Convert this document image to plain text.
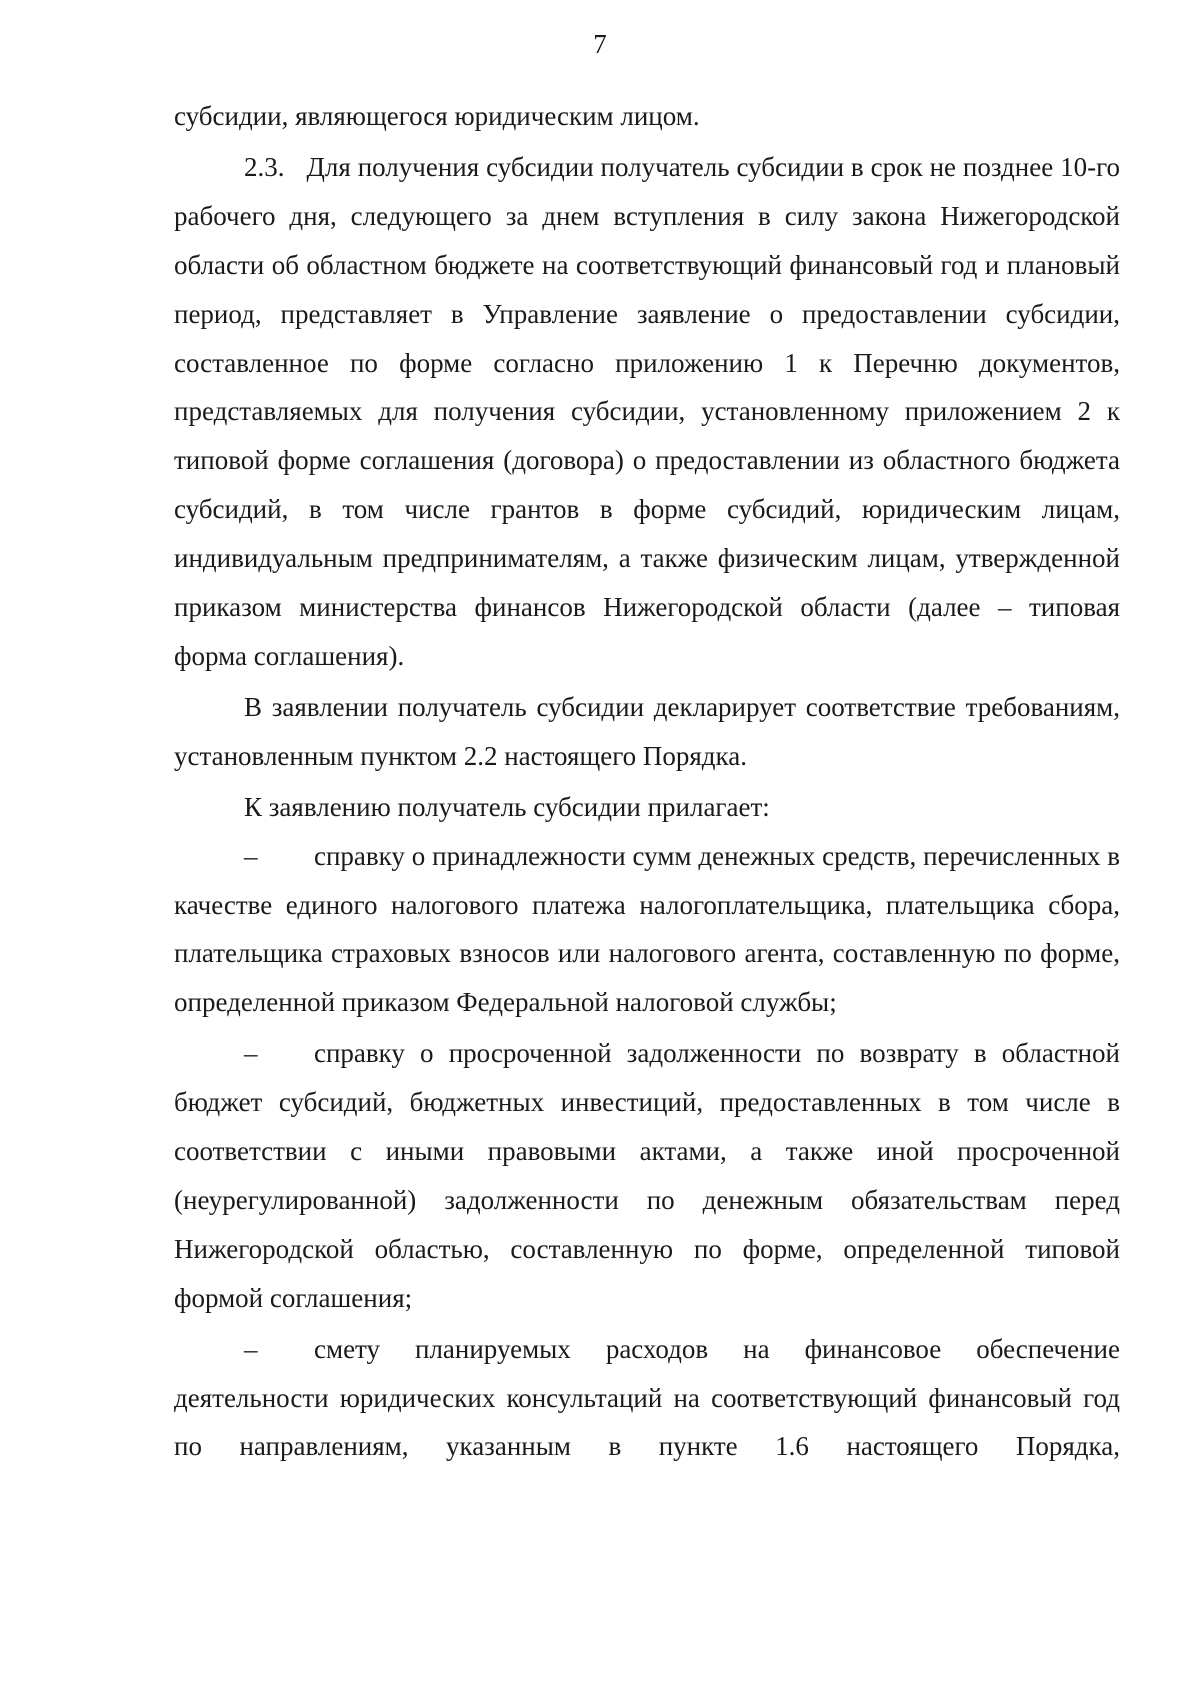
7

субсидии, являющегося юридическим лицом.

2.3. Для получения субсидии получатель субсидии в срок не позднее 10-го рабочего дня, следующего за днем вступления в силу закона Нижегородской области об областном бюджете на соответствующий финансовый год и плановый период, представляет в Управление заявление о предоставлении субсидии, составленное по форме согласно приложению 1 к Перечню документов, представляемых для получения субсидии, установленному приложением 2 к типовой форме соглашения (договора) о предоставлении из областного бюджета субсидий, в том числе грантов в форме субсидий, юридическим лицам, индивидуальным предпринимателям, а также физическим лицам, утвержденной приказом министерства финансов Нижегородской области (далее – типовая форма соглашения).

В заявлении получатель субсидии декларирует соответствие требованиям, установленным пунктом 2.2 настоящего Порядка.

К заявлению получатель субсидии прилагает:

– справку о принадлежности сумм денежных средств, перечисленных в качестве единого налогового платежа налогоплательщика, плательщика сбора, плательщика страховых взносов или налогового агента, составленную по форме, определенной приказом Федеральной налоговой службы;

– справку о просроченной задолженности по возврату в областной бюджет субсидий, бюджетных инвестиций, предоставленных в том числе в соответствии с иными правовыми актами, а также иной просроченной (неурегулированной) задолженности по денежным обязательствам перед Нижегородской областью, составленную по форме, определенной типовой формой соглашения;

– смету планируемых расходов на финансовое обеспечение деятельности юридических консультаций на соответствующий финансовый год по направлениям, указанным в пункте 1.6 настоящего Порядка,
